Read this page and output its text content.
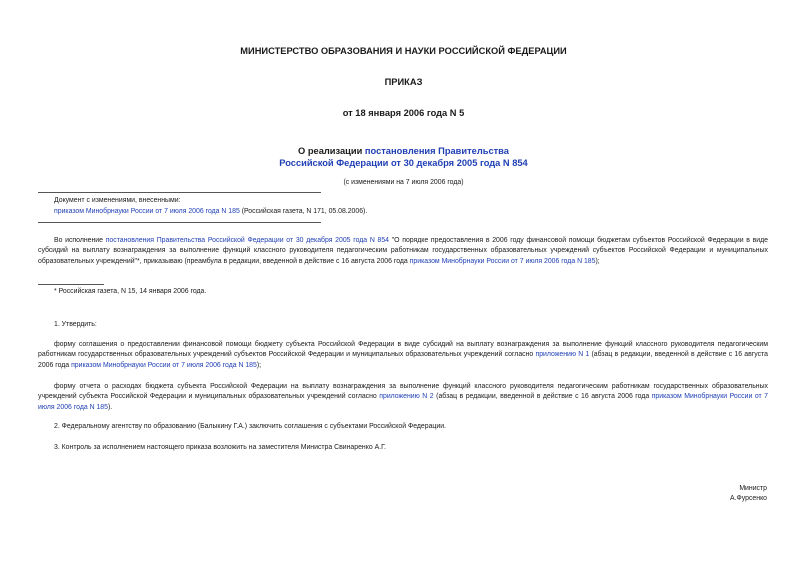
МИНИСТЕРСТВО ОБРАЗОВАНИЯ И НАУКИ РОССИЙСКОЙ ФЕДЕРАЦИИ
ПРИКАЗ
от 18 января 2006 года N 5
О реализации постановления Правительства
Российской Федерации от 30 декабря 2005 года N 854
(с изменениями на 7 июля 2006 года)
Документ с изменениями, внесенными:
приказом Минобрнауки России от 7 июля 2006 года N 185 (Российская газета, N 171, 05.08.2006).
Во исполнение постановления Правительства Российской Федерации от 30 декабря 2005 года N 854 "О порядке предоставления в 2006 году финансовой помощи бюджетам субъектов Российской Федерации в виде субсидий на выплату вознаграждения за выполнение функций классного руководителя педагогическим работникам государственных образовательных учреждений субъектов Российской Федерации и муниципальных образовательных учреждений"*, приказываю (преамбула в редакции, введенной в действие с 16 августа 2006 года приказом Минобрнауки России от 7 июля 2006 года N 185);
* Российская газета, N 15, 14 января 2006 года.
1. Утвердить:
форму соглашения о предоставлении финансовой помощи бюджету субъекта Российской Федерации в виде субсидий на выплату вознаграждения за выполнение функций классного руководителя педагогическим работникам государственных образовательных учреждений субъектов Российской Федерации и муниципальных образовательных учреждений согласно приложению N 1 (абзац в редакции, введенной в действие с 16 августа 2006 года приказом Минобрнауки России от 7 июля 2006 года N 185);
форму отчета о расходах бюджета субъекта Российской Федерации на выплату вознаграждения за выполнение функций классного руководителя педагогическим работникам государственных образовательных учреждений субъекта Российской Федерации и муниципальных образовательных учреждений согласно приложению N 2 (абзац в редакции, введенной в действие с 16 августа 2006 года приказом Минобрнауки России от 7 июля 2006 года N 185).
2. Федеральному агентству по образованию (Балыкину Г.А.) заключить соглашения с субъектами Российской Федерации.
3. Контроль за исполнением настоящего приказа возложить на заместителя Министра Свинаренко А.Г.
Министр
А.Фурсенко
